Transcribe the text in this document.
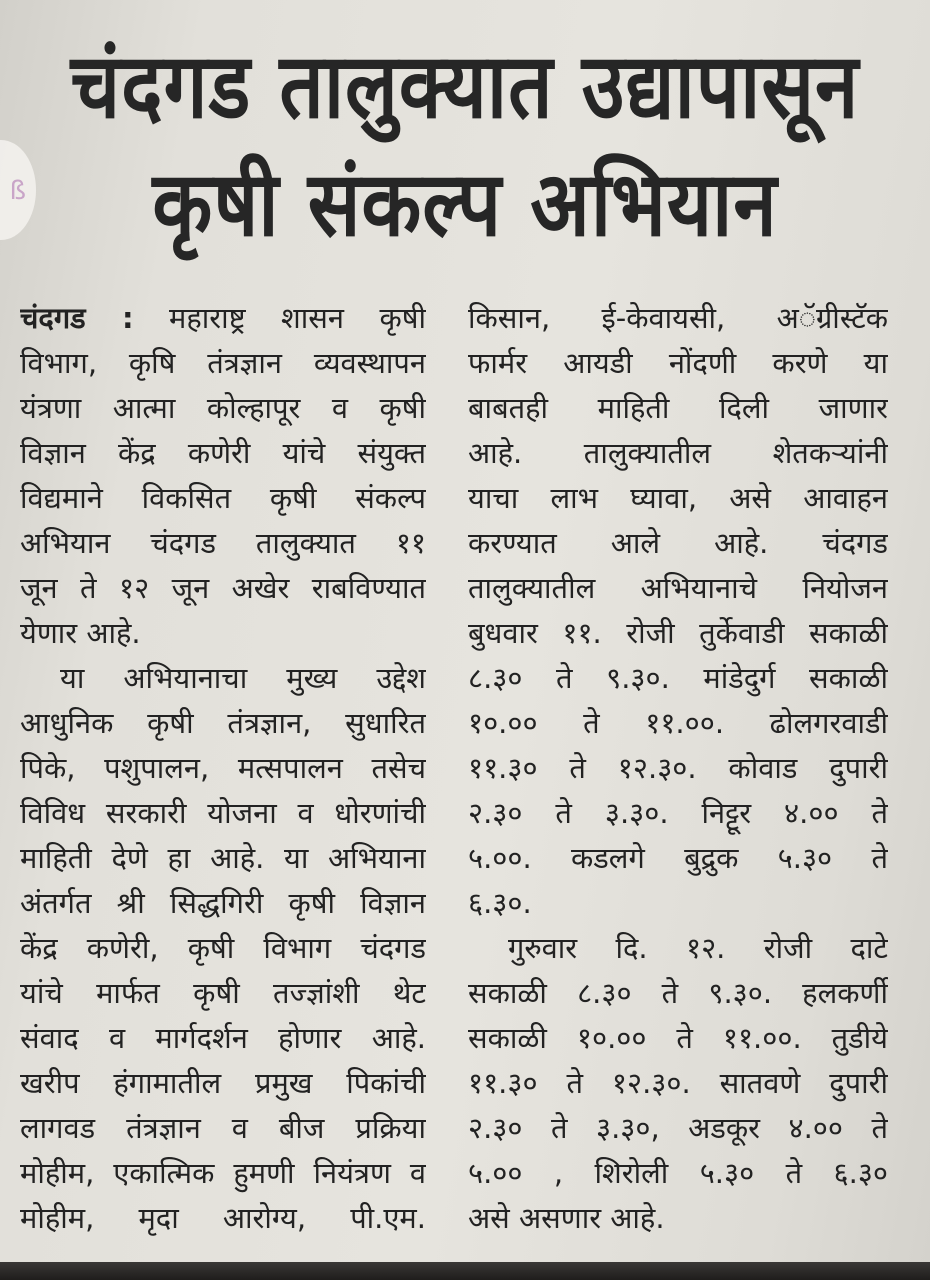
ß
चंदगड तालुक्यात उद्यापासून
कृषी संकल्प अभियान
चंदगड : महाराष्ट्र शासन कृषी
विभाग, कृषि तंत्रज्ञान व्यवस्थापन
यंत्रणा आत्मा कोल्हापूर व कृषी
विज्ञान केंद्र कणेरी यांचे संयुक्त
विद्यमाने विकसित कृषी संकल्प
अभियान चंदगड तालुक्यात ११
जून ते १२ जून अखेर राबविण्यात
येणार आहे.
या अभियानाचा मुख्य उद्देश
आधुनिक कृषी तंत्रज्ञान, सुधारित
पिके, पशुपालन, मत्सपालन तसेच
विविध सरकारी योजना व धोरणांची
माहिती देणे हा आहे. या अभियाना
अंतर्गत श्री सिद्धगिरी कृषी विज्ञान
केंद्र कणेरी, कृषी विभाग चंदगड
यांचे मार्फत कृषी तज्ज्ञांशी थेट
संवाद व मार्गदर्शन होणार आहे.
खरीप हंगामातील प्रमुख पिकांची
लागवड तंत्रज्ञान व बीज प्रक्रिया
मोहीम, एकात्मिक हुमणी नियंत्रण व
मोहीम, मृदा आरोग्य, पी.एम.
किसान, ई-केवायसी, अॅग्रीस्टॅक
फार्मर आयडी नोंदणी करणे या
बाबतही माहिती दिली जाणार
आहे. तालुक्यातील शेतकऱ्यांनी
याचा लाभ घ्यावा, असे आवाहन
करण्यात आले आहे. चंदगड
तालुक्यातील अभियानाचे नियोजन
बुधवार ११. रोजी तुर्केवाडी सकाळी
८.३० ते ९.३०. मांडेदुर्ग सकाळी
१०.०० ते ११.००. ढोलगरवाडी
११.३० ते १२.३०. कोवाड दुपारी
२.३० ते ३.३०. निट्टूर ४.०० ते
५.००. कडलगे बुद्रुक ५.३० ते
६.३०.
गुरुवार दि. १२. रोजी दाटे
सकाळी ८.३० ते ९.३०. हलकर्णी
सकाळी १०.०० ते ११.००. तुडीये
११.३० ते १२.३०. सातवणे दुपारी
२.३० ते ३.३०, अडकूर ४.०० ते
५.०० , शिरोली ५.३० ते ६.३०
असे असणार आहे.
